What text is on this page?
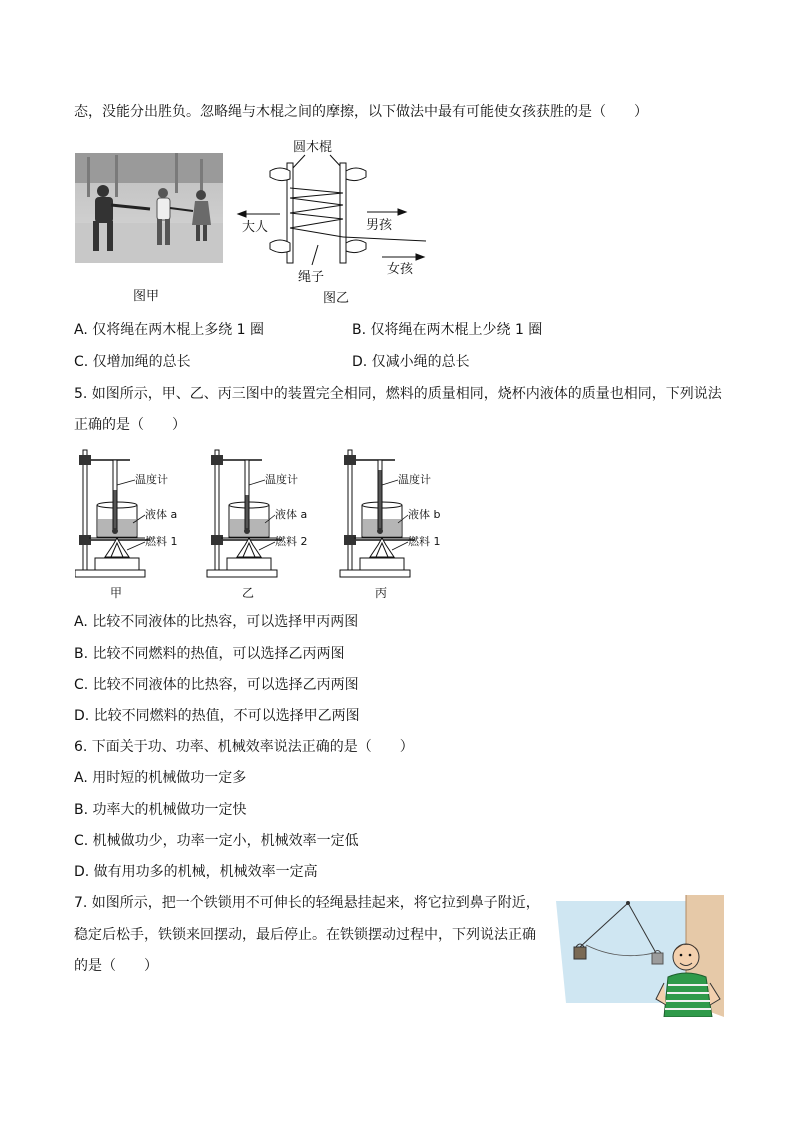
态，没能分出胜负。忽略绳与木棍之间的摩擦，以下做法中最有可能使女孩获胜的是（　　）
图甲
圆木棍
大人	男孩
绳子
女孩
图乙
A. 仅将绳在两木棍上多绕 1 圈	B. 仅将绳在两木棍上少绕 1 圈
C. 仅增加绳的总长	D. 仅减小绳的总长
5. 如图所示，甲、乙、丙三图中的装置完全相同，燃料的质量相同，烧杯内液体的质量也相同，下列说法
正确的是（　　）
温度计
液体 a
燃料 1
甲
温度计
液体 a
燃料 2
乙
温度计
液体 b
燃料 1
丙
A. 比较不同液体的比热容，可以选择甲丙两图
B. 比较不同燃料的热值，可以选择乙丙两图
C. 比较不同液体的比热容，可以选择乙丙两图
D. 比较不同燃料的热值，不可以选择甲乙两图
6. 下面关于功、功率、机械效率说法正确的是（　　）
A. 用时短的机械做功一定多
B. 功率大的机械做功一定快
C. 机械做功少，功率一定小，机械效率一定低
D. 做有用功多的机械，机械效率一定高
7. 如图所示，把一个铁锁用不可伸长的轻绳悬挂起来，将它拉到鼻子附近，
稳定后松手，铁锁来回摆动，最后停止。在铁锁摆动过程中，下列说法正确
的是（　　）
